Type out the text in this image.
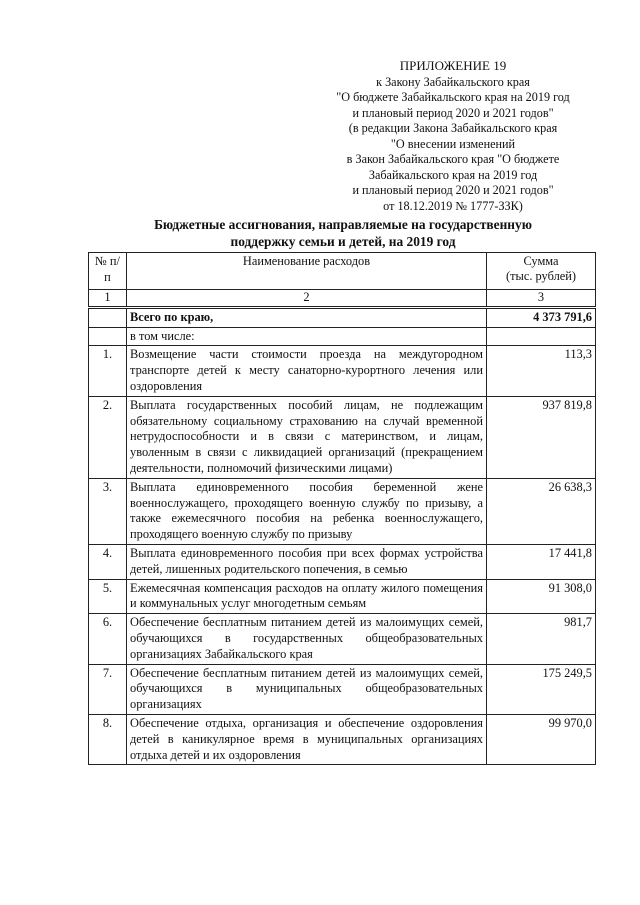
ПРИЛОЖЕНИЕ 19
к Закону Забайкальского края
"О бюджете Забайкальского края на 2019 год
и плановый период 2020 и 2021 годов"
(в редакции Закона Забайкальского края
"О внесении изменений
в Закон Забайкальского края "О бюджете
Забайкальского края на 2019 год
и плановый период 2020 и 2021 годов"
от 18.12.2019 № 1777-ЗЗК)
Бюджетные ассигнования, направляемые на государственную
поддержку семьи и детей, на 2019 год
№ п/п	Наименование расходов	Сумма
(тыс. рублей)
1	2	3
	Всего по краю,	4 373 791,6
	в том числе:	
1.	Возмещение части стоимости проезда на междугородном транспорте детей к месту санаторно-курортного лечения или оздоровления	113,3
2.	Выплата государственных пособий лицам, не подлежащим обязательному социальному страхованию на случай временной нетрудоспособности и в связи с материнством, и лицам, уволенным в связи с ликвидацией организаций (прекращением деятельности, полномочий физическими лицами)	937 819,8
3.	Выплата единовременного пособия беременной жене военнослужащего, проходящего военную службу по призыву, а также ежемесячного пособия на ребенка военнослужащего, проходящего военную службу по призыву	26 638,3
4.	Выплата единовременного пособия при всех формах устройства детей, лишенных родительского попечения, в семью	17 441,8
5.	Ежемесячная компенсация расходов на оплату жилого помещения и коммунальных услуг многодетным семьям	91 308,0
6.	Обеспечение бесплатным питанием детей из малоимущих семей, обучающихся в государственных общеобразовательных организациях Забайкальского края	981,7
7.	Обеспечение бесплатным питанием детей из малоимущих семей, обучающихся в муниципальных общеобразовательных организациях	175 249,5
8.	Обеспечение отдыха, организация и обеспечение оздоровления детей в каникулярное время в муниципальных организациях отдыха детей и их оздоровления	99 970,0
